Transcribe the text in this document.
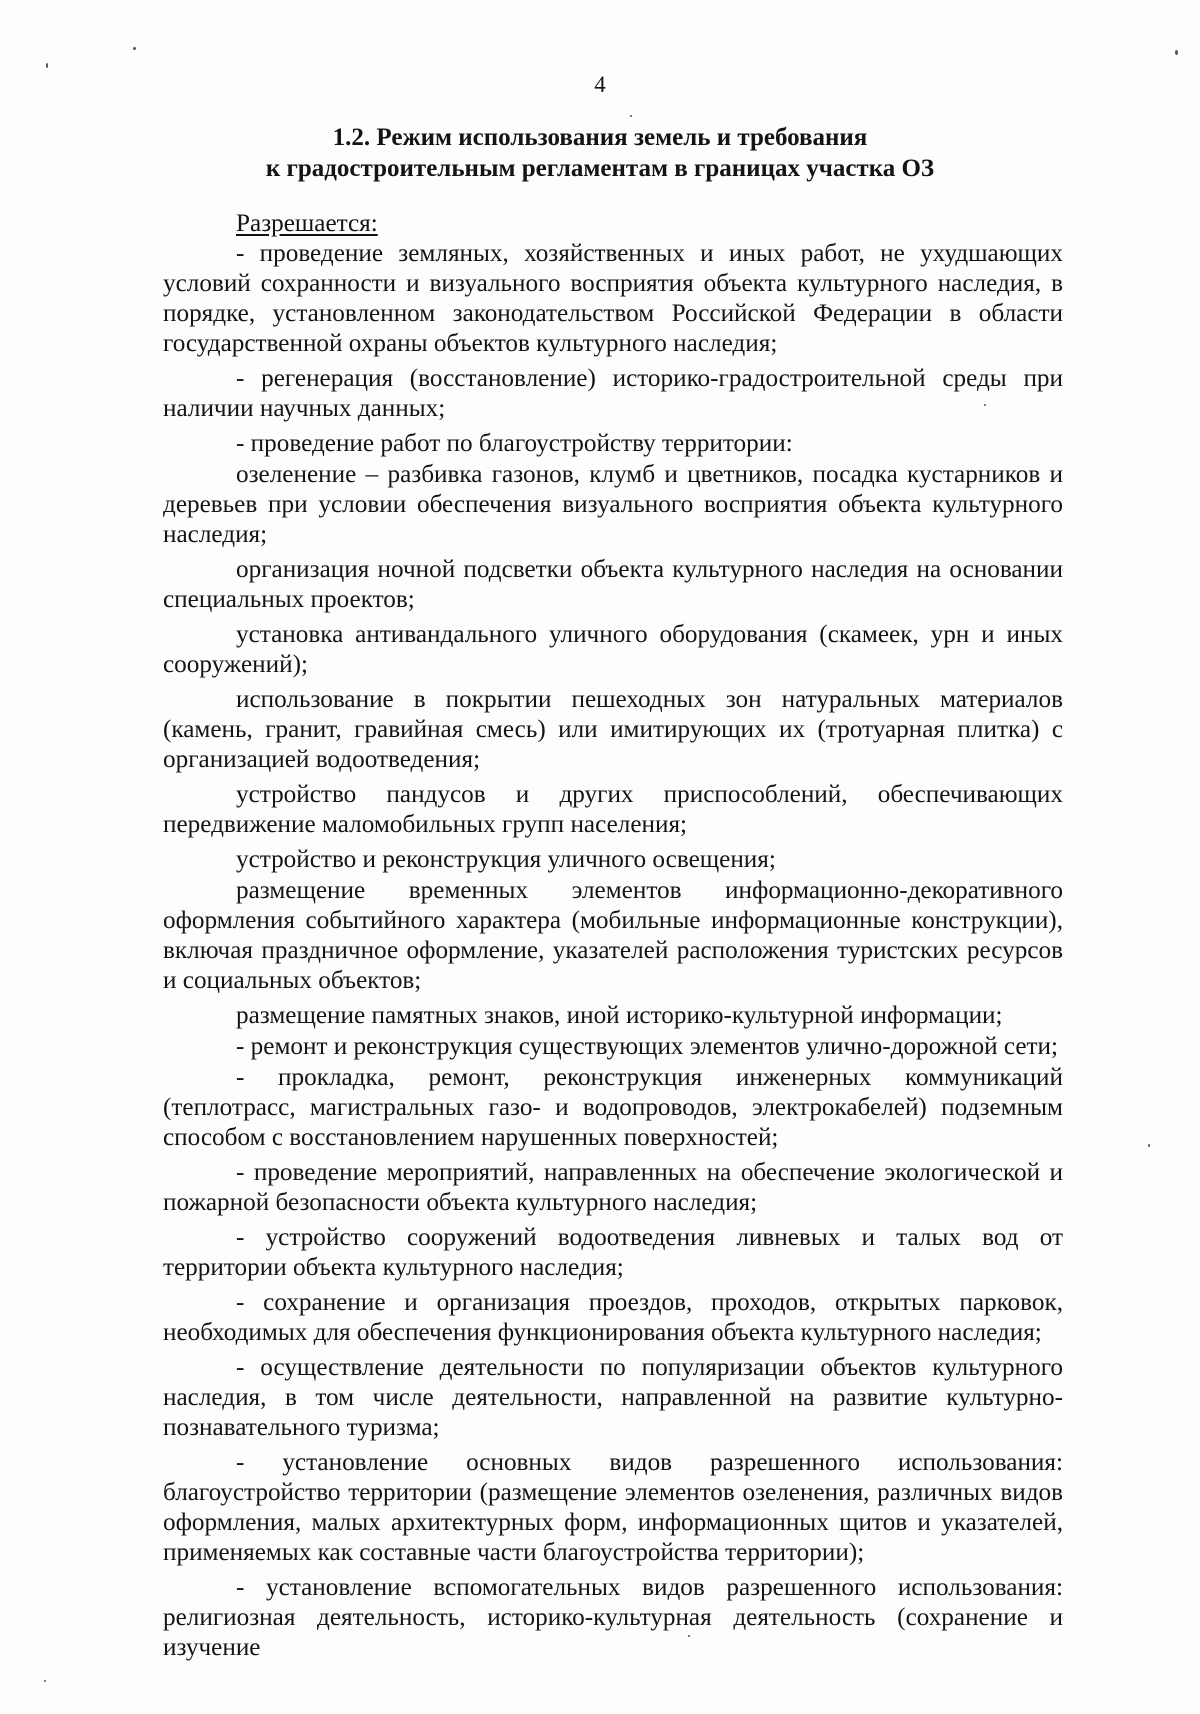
4
1.2. Режим использования земель и требования
к градостроительным регламентам в границах участка ОЗ
Разрешается:

- проведение земляных, хозяйственных и иных работ, не ухудшающих условий сохранности и визуального восприятия объекта культурного наследия, в порядке, установленном законодательством Российской Федерации в области государственной охраны объектов культурного наследия;

- регенерация (восстановление) историко-градостроительной среды при наличии научных данных;

- проведение работ по благоустройству территории:

озеленение – разбивка газонов, клумб и цветников, посадка кустарников и деревьев при условии обеспечения визуального восприятия объекта культурного наследия;

организация ночной подсветки объекта культурного наследия на основании специальных проектов;

установка антивандального уличного оборудования (скамеек, урн и иных сооружений);

использование в покрытии пешеходных зон натуральных материалов (камень, гранит, гравийная смесь) или имитирующих их (тротуарная плитка) с организацией водоотведения;

устройство пандусов и других приспособлений, обеспечивающих передвижение маломобильных групп населения;

устройство и реконструкция уличного освещения;

размещение временных элементов информационно-декоративного оформления событийного характера (мобильные информационные конструкции), включая праздничное оформление, указателей расположения туристских ресурсов и социальных объектов;

размещение памятных знаков, иной историко-культурной информации;

- ремонт и реконструкция существующих элементов улично-дорожной сети;

- прокладка, ремонт, реконструкция инженерных коммуникаций (теплотрасс, магистральных газо- и водопроводов, электрокабелей) подземным способом с восстановлением нарушенных поверхностей;

- проведение мероприятий, направленных на обеспечение экологической и пожарной безопасности объекта культурного наследия;

- устройство сооружений водоотведения ливневых и талых вод от территории объекта культурного наследия;

- сохранение и организация проездов, проходов, открытых парковок, необходимых для обеспечения функционирования объекта культурного наследия;

- осуществление деятельности по популяризации объектов культурного наследия, в том числе деятельности, направленной на развитие культурно-познавательного туризма;

- установление основных видов разрешенного использования: благоустройство территории (размещение элементов озеленения, различных видов оформления, малых архитектурных форм, информационных щитов и указателей, применяемых как составные части благоустройства территории);

- установление вспомогательных видов разрешенного использования: религиозная деятельность, историко-культурная деятельность (сохранение и изучение
